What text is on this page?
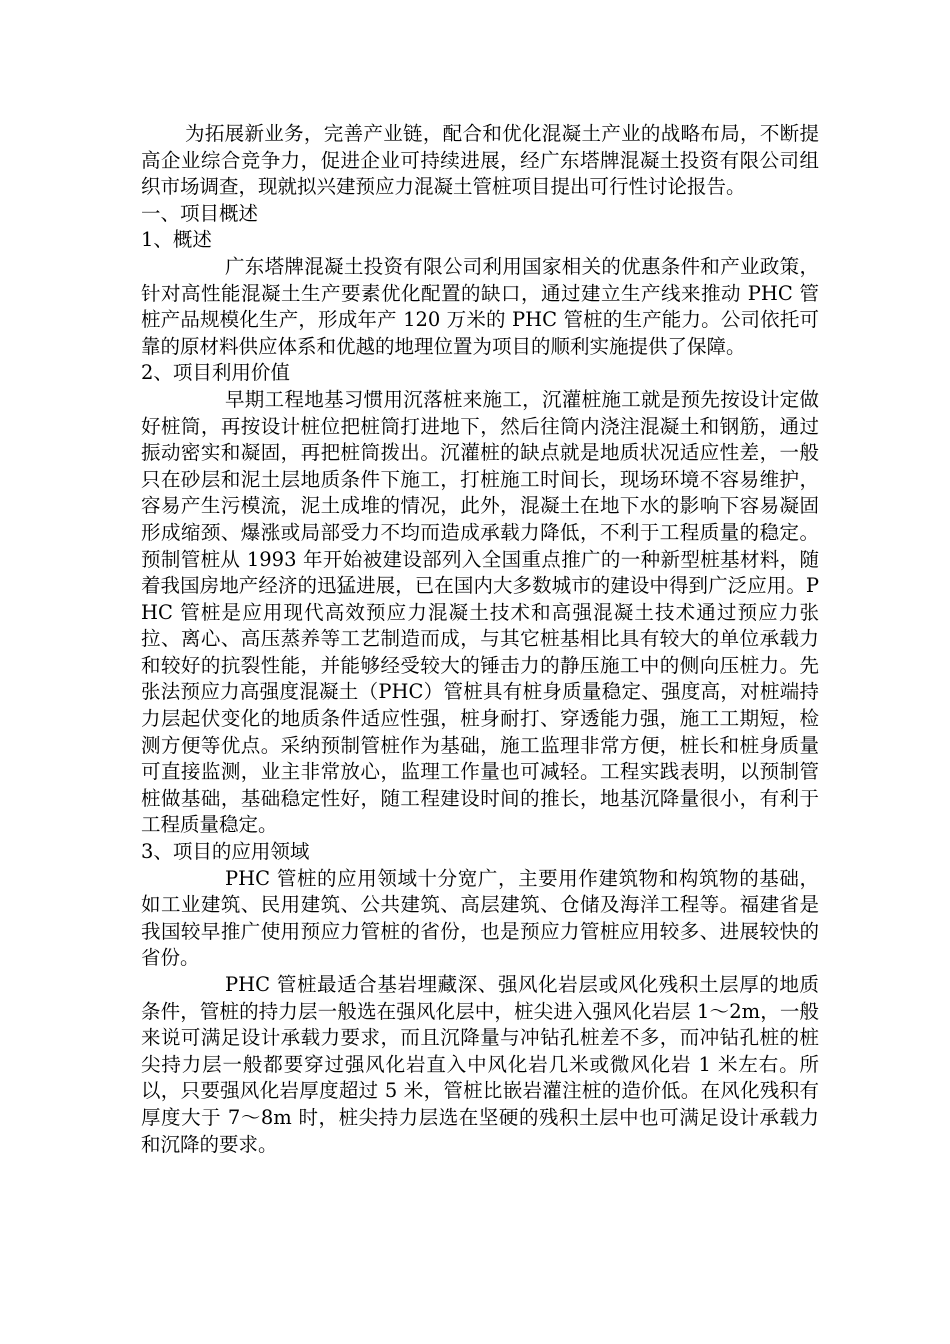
为拓展新业务，完善产业链，配合和优化混凝土产业的战略布局，不断提高企业综合竞争力，促进企业可持续进展，经广东塔牌混凝土投资有限公司组织市场调查，现就拟兴建预应力混凝土管桩项目提出可行性讨论报告。

一、项目概述
1、概述

广东塔牌混凝土投资有限公司利用国家相关的优惠条件和产业政策，针对高性能混凝土生产要素优化配置的缺口，通过建立生产线来推动 PHC 管桩产品规模化生产，形成年产 120 万米的 PHC 管桩的生产能力。公司依托可靠的原材料供应体系和优越的地理位置为项目的顺利实施提供了保障。

2、项目利用价值

早期工程地基习惯用沉落桩来施工，沉灌桩施工就是预先按设计定做好桩筒，再按设计桩位把桩筒打进地下，然后往筒内浇注混凝土和钢筋，通过振动密实和凝固，再把桩筒拨出。沉灌桩的缺点就是地质状况适应性差，一般只在砂层和泥土层地质条件下施工，打桩施工时间长，现场环境不容易维护，容易产生污模流，泥土成堆的情况，此外，混凝土在地下水的影响下容易凝固形成缩颈、爆涨或局部受力不均而造成承载力降低，不利于工程质量的稳定。预制管桩从 1993 年开始被建设部列入全国重点推广的一种新型桩基材料，随着我国房地产经济的迅猛进展，已在国内大多数城市的建设中得到广泛应用。PHC 管桩是应用现代高效预应力混凝土技术和高强混凝土技术通过预应力张拉、离心、高压蒸养等工艺制造而成，与其它桩基相比具有较大的单位承载力和较好的抗裂性能，并能够经受较大的锤击力的静压施工中的侧向压桩力。先张法预应力高强度混凝土（PHC）管桩具有桩身质量稳定、强度高，对桩端持力层起伏变化的地质条件适应性强，桩身耐打、穿透能力强，施工工期短，检测方便等优点。采纳预制管桩作为基础，施工监理非常方便，桩长和桩身质量可直接监测，业主非常放心，监理工作量也可减轻。工程实践表明，以预制管桩做基础，基础稳定性好，随工程建设时间的推长，地基沉降量很小，有利于工程质量稳定。

3、项目的应用领域

PHC 管桩的应用领域十分宽广，主要用作建筑物和构筑物的基础，如工业建筑、民用建筑、公共建筑、高层建筑、仓储及海洋工程等。福建省是我国较早推广使用预应力管桩的省份，也是预应力管桩应用较多、进展较快的省份。

PHC 管桩最适合基岩埋藏深、强风化岩层或风化残积土层厚的地质条件，管桩的持力层一般选在强风化层中，桩尖进入强风化岩层 1～2m，一般来说可满足设计承载力要求，而且沉降量与冲钻孔桩差不多，而冲钻孔桩的桩尖持力层一般都要穿过强风化岩直入中风化岩几米或微风化岩 1 米左右。所以，只要强风化岩厚度超过 5 米，管桩比嵌岩灌注桩的造价低。在风化残积有厚度大于 7～8m 时，桩尖持力层选在坚硬的残积土层中也可满足设计承载力和沉降的要求。
